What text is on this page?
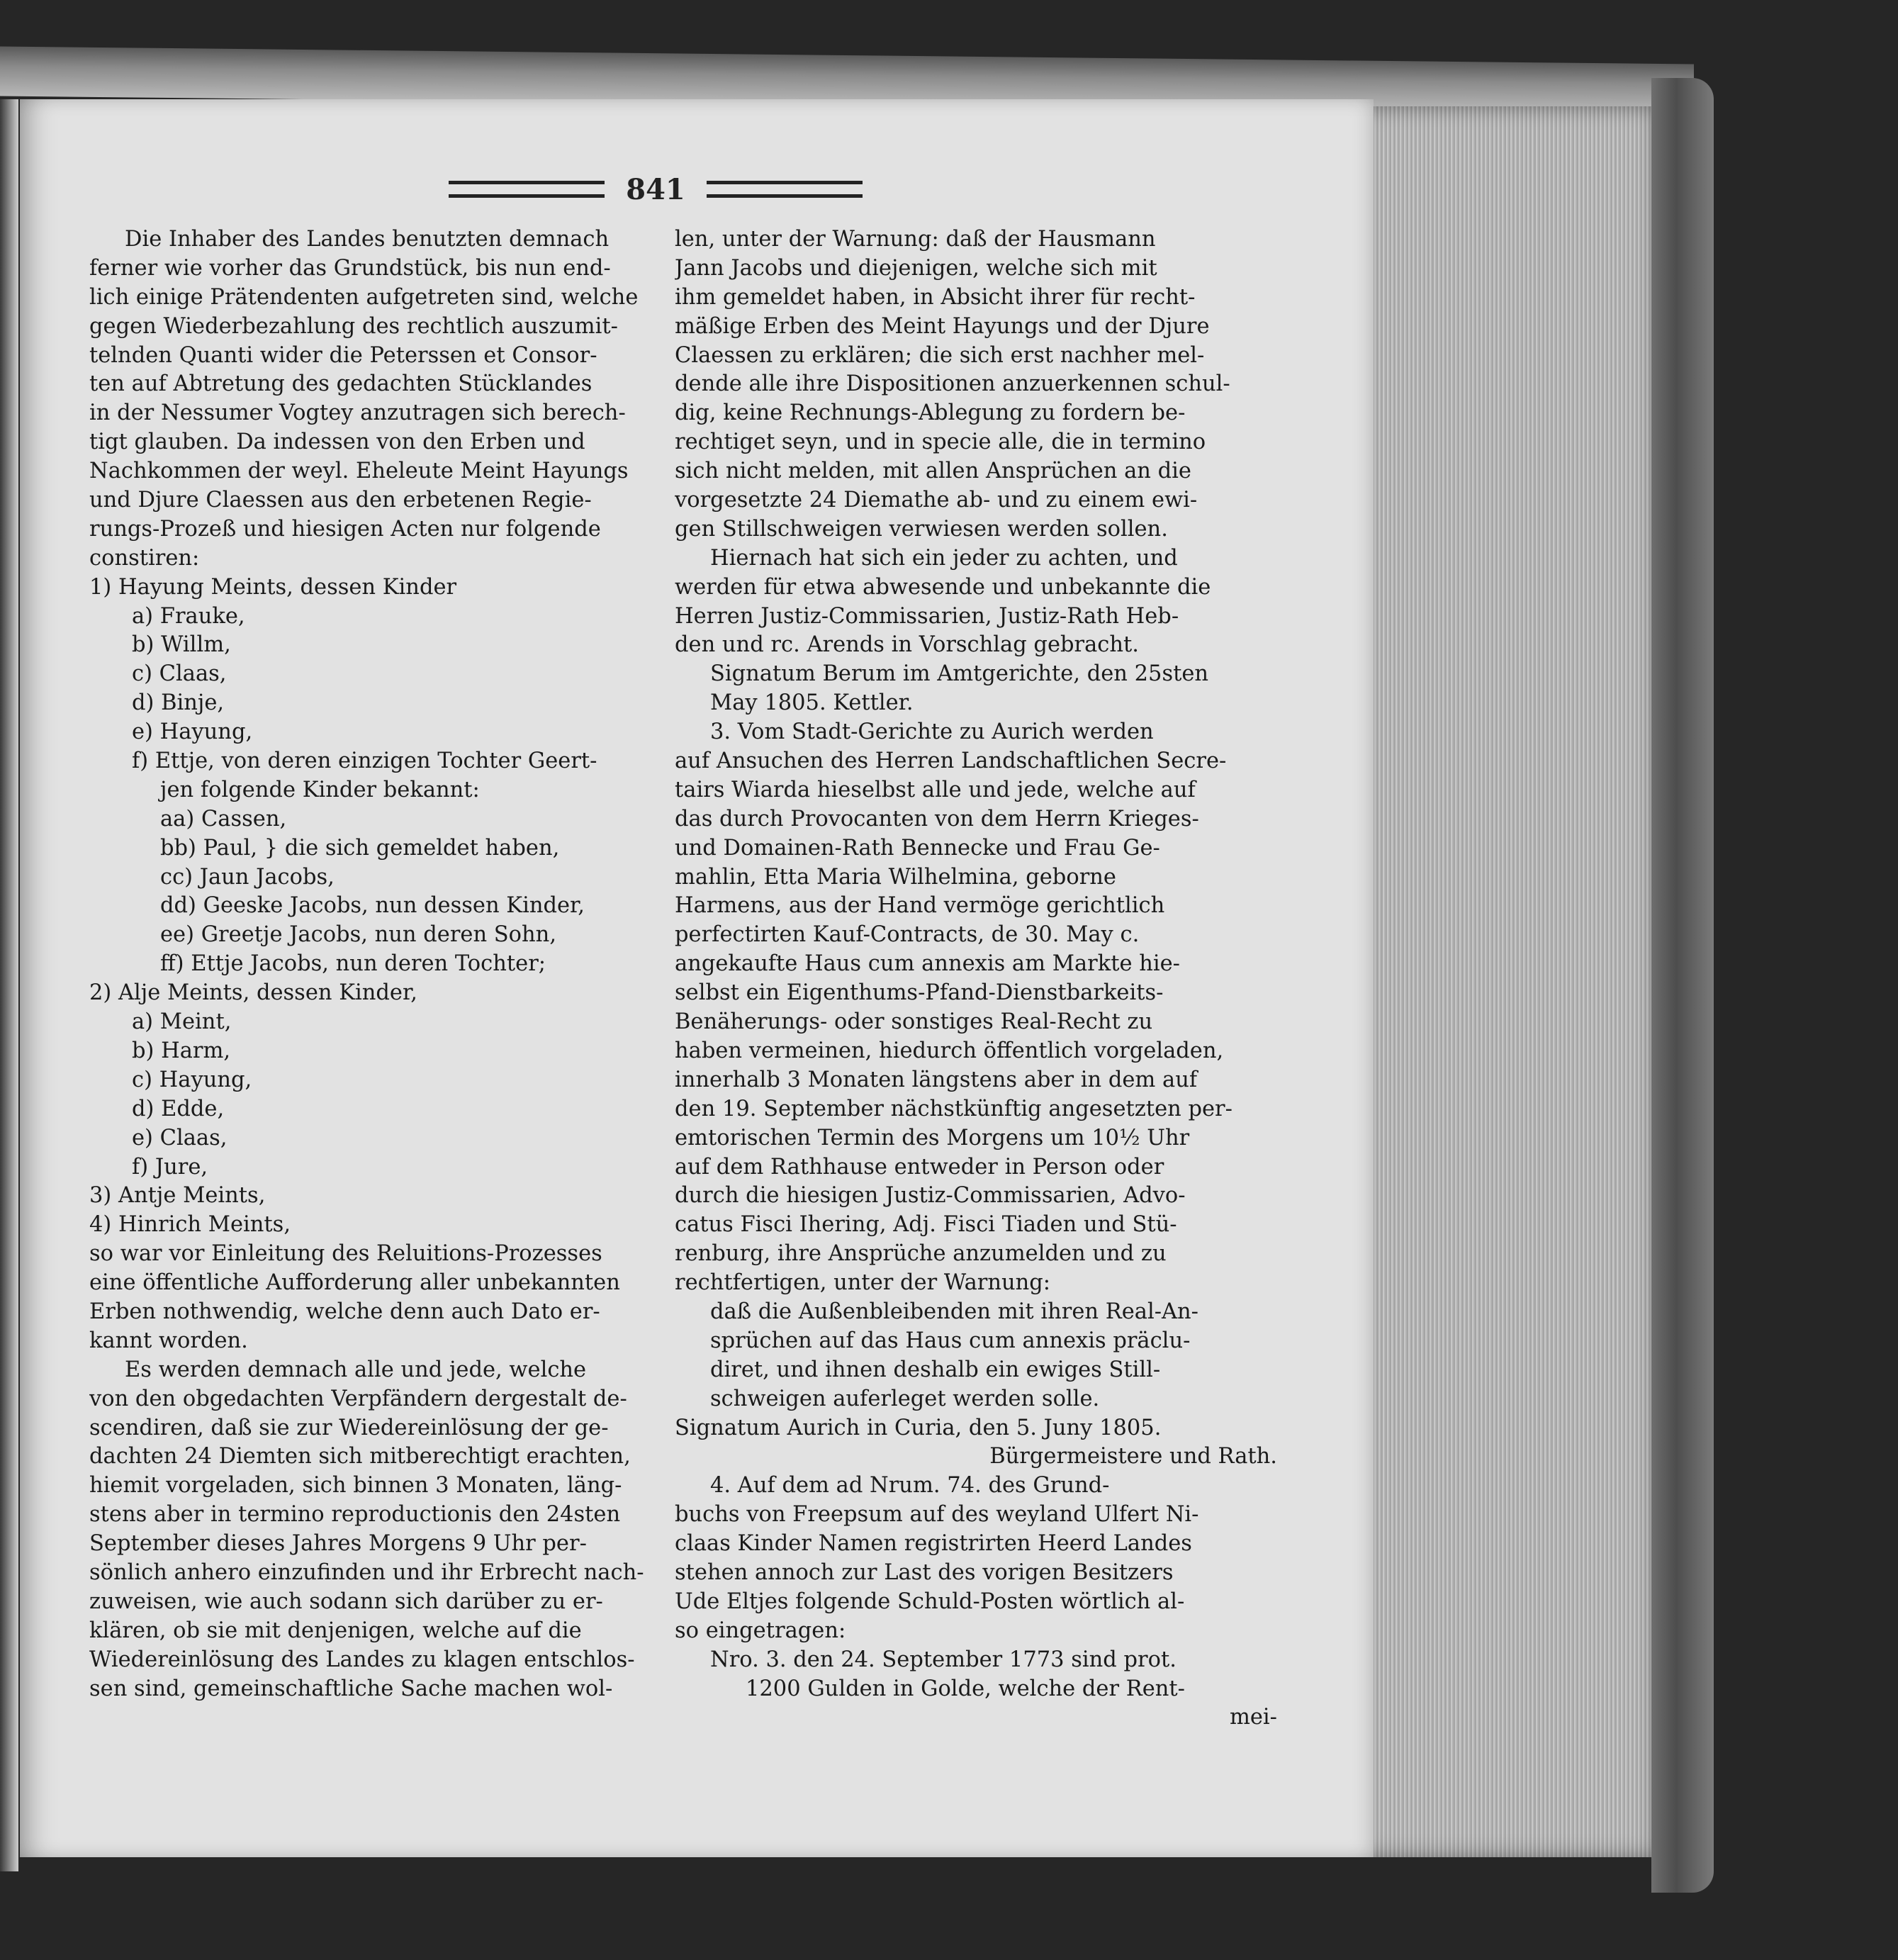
841
Die Inhaber des Landes benutzten demnach
ferner wie vorher das Grundstück, bis nun end-
lich einige Prätendenten aufgetreten sind, welche
gegen Wiederbezahlung des rechtlich auszumit-
telnden Quanti wider die Peterssen et Consor-
ten auf Abtretung des gedachten Stücklandes
in der Nessumer Vogtey anzutragen sich berech-
tigt glauben. Da indessen von den Erben und
Nachkommen der weyl. Eheleute Meint Hayungs
und Djure Claessen aus den erbetenen Regie-
rungs-Prozeß und hiesigen Acten nur folgende
constiren:
1) Hayung Meints, dessen Kinder
a) Frauke,
b) Willm,
c) Claas,
d) Binje,
e) Hayung,
f) Ettje, von deren einzigen Tochter Geert-
jen folgende Kinder bekannt:
aa) Cassen,
bb) Paul, } die sich gemeldet haben,
cc) Jaun Jacobs,
dd) Geeske Jacobs, nun dessen Kinder,
ee) Greetje Jacobs, nun deren Sohn,
ff) Ettje Jacobs, nun deren Tochter;
2) Alje Meints, dessen Kinder,
a) Meint,
b) Harm,
c) Hayung,
d) Edde,
e) Claas,
f) Jure,
3) Antje Meints,
4) Hinrich Meints,
so war vor Einleitung des Reluitions-Prozesses
eine öffentliche Aufforderung aller unbekannten
Erben nothwendig, welche denn auch Dato er-
kannt worden.
Es werden demnach alle und jede, welche
von den obgedachten Verpfändern dergestalt de-
scendiren, daß sie zur Wiedereinlösung der ge-
dachten 24 Diemten sich mitberechtigt erachten,
hiemit vorgeladen, sich binnen 3 Monaten, läng-
stens aber in termino reproductionis den 24sten
September dieses Jahres Morgens 9 Uhr per-
sönlich anhero einzufinden und ihr Erbrecht nach-
zuweisen, wie auch sodann sich darüber zu er-
klären, ob sie mit denjenigen, welche auf die
Wiedereinlösung des Landes zu klagen entschlos-
sen sind, gemeinschaftliche Sache machen wol-
len, unter der Warnung: daß der Hausmann
Jann Jacobs und diejenigen, welche sich mit
ihm gemeldet haben, in Absicht ihrer für recht-
mäßige Erben des Meint Hayungs und der Djure
Claessen zu erklären; die sich erst nachher mel-
dende alle ihre Dispositionen anzuerkennen schul-
dig, keine Rechnungs-Ablegung zu fordern be-
rechtiget seyn, und in specie alle, die in termino
sich nicht melden, mit allen Ansprüchen an die
vorgesetzte 24 Diemathe ab- und zu einem ewi-
gen Stillschweigen verwiesen werden sollen.
Hiernach hat sich ein jeder zu achten, und
werden für etwa abwesende und unbekannte die
Herren Justiz-Commissarien, Justiz-Rath Heb-
den und rc. Arends in Vorschlag gebracht.
Signatum Berum im Amtgerichte, den 25sten
May 1805. Kettler.
3. Vom Stadt-Gerichte zu Aurich werden
auf Ansuchen des Herren Landschaftlichen Secre-
tairs Wiarda hieselbst alle und jede, welche auf
das durch Provocanten von dem Herrn Krieges-
und Domainen-Rath Bennecke und Frau Ge-
mahlin, Etta Maria Wilhelmina, geborne
Harmens, aus der Hand vermöge gerichtlich
perfectirten Kauf-Contracts, de 30. May c.
angekaufte Haus cum annexis am Markte hie-
selbst ein Eigenthums-Pfand-Dienstbarkeits-
Benäherungs- oder sonstiges Real-Recht zu
haben vermeinen, hiedurch öffentlich vorgeladen,
innerhalb 3 Monaten längstens aber in dem auf
den 19. September nächstkünftig angesetzten per-
emtorischen Termin des Morgens um 10½ Uhr
auf dem Rathhause entweder in Person oder
durch die hiesigen Justiz-Commissarien, Advo-
catus Fisci Ihering, Adj. Fisci Tiaden und Stü-
renburg, ihre Ansprüche anzumelden und zu
rechtfertigen, unter der Warnung:
daß die Außenbleibenden mit ihren Real-An-
sprüchen auf das Haus cum annexis präclu-
diret, und ihnen deshalb ein ewiges Still-
schweigen auferleget werden solle.
Signatum Aurich in Curia, den 5. Juny 1805.
Bürgermeistere und Rath.
4. Auf dem ad Nrum. 74. des Grund-
buchs von Freepsum auf des weyland Ulfert Ni-
claas Kinder Namen registrirten Heerd Landes
stehen annoch zur Last des vorigen Besitzers
Ude Eltjes folgende Schuld-Posten wörtlich al-
so eingetragen:
Nro. 3. den 24. September 1773 sind prot.
1200 Gulden in Golde, welche der Rent-
mei-
